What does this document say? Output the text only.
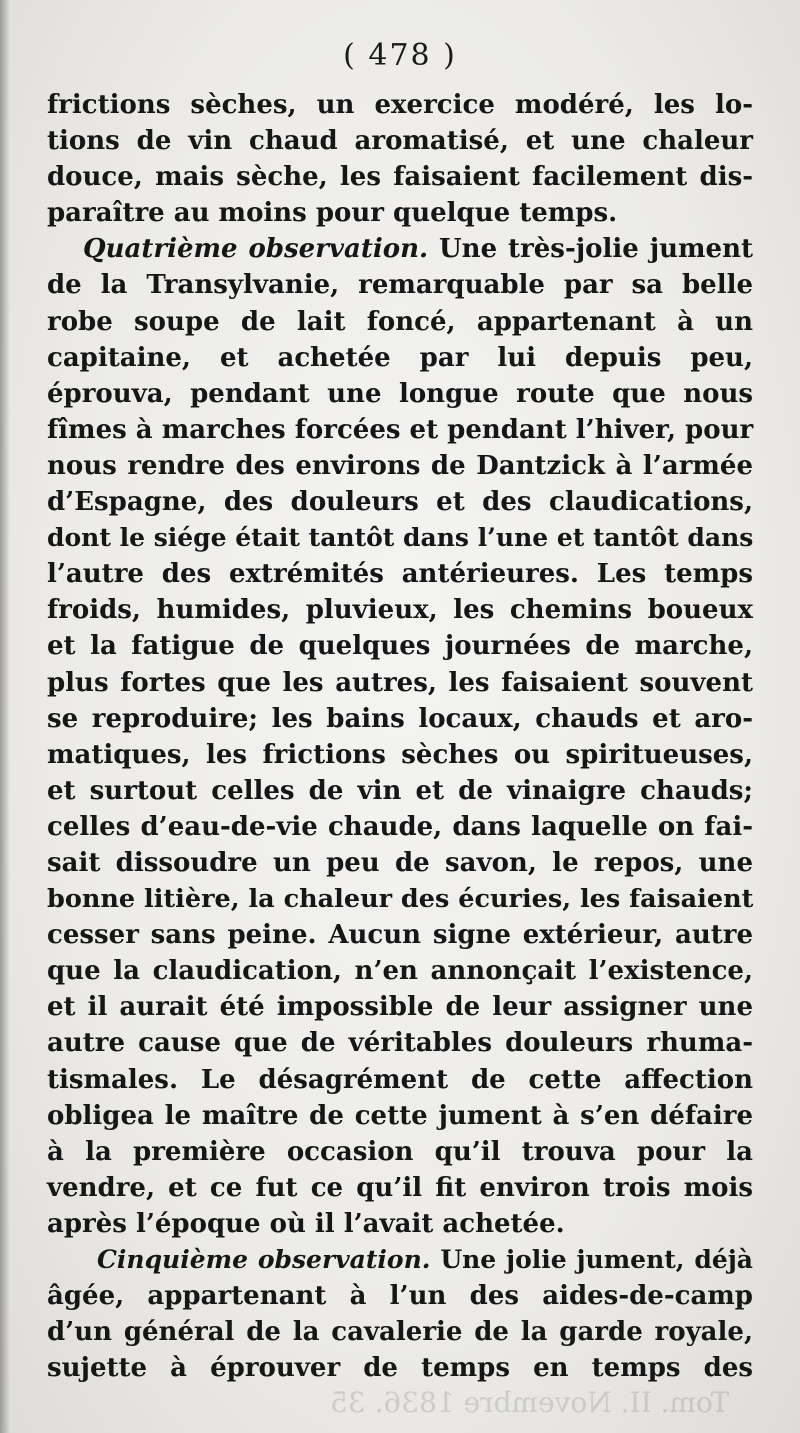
( 478 )
frictions sèches, un exercice modéré, les lo-
tions de vin chaud aromatisé, et une chaleur
douce, mais sèche, les faisaient facilement dis-
paraître au moins pour quelque temps.
Quatrième observation. Une très-jolie jument
de la Transylvanie, remarquable par sa belle
robe soupe de lait foncé, appartenant à un
capitaine, et achetée par lui depuis peu,
éprouva, pendant une longue route que nous
fîmes à marches forcées et pendant l’hiver, pour
nous rendre des environs de Dantzick à l’armée
d’Espagne, des douleurs et des claudications,
dont le siége était tantôt dans l’une et tantôt dans
l’autre des extrémités antérieures. Les temps
froids, humides, pluvieux, les chemins boueux
et la fatigue de quelques journées de marche,
plus fortes que les autres, les faisaient souvent
se reproduire; les bains locaux, chauds et aro-
matiques, les frictions sèches ou spiritueuses,
et surtout celles de vin et de vinaigre chauds;
celles d’eau-de-vie chaude, dans laquelle on fai-
sait dissoudre un peu de savon, le repos, une
bonne litière, la chaleur des écuries, les faisaient
cesser sans peine. Aucun signe extérieur, autre
que la claudication, n’en annonçait l’existence,
et il aurait été impossible de leur assigner une
autre cause que de véritables douleurs rhuma-
tismales. Le désagrément de cette affection
obligea le maître de cette jument à s’en défaire
à la première occasion qu’il trouva pour la
vendre, et ce fut ce qu’il fit environ trois mois
après l’époque où il l’avait achetée.
Cinquième observation. Une jolie jument, déjà
âgée, appartenant à l’un des aides-de-camp
d’un général de la cavalerie de la garde royale,
sujette à éprouver de temps en temps des
Tom. II. Novembre 1836. 35
